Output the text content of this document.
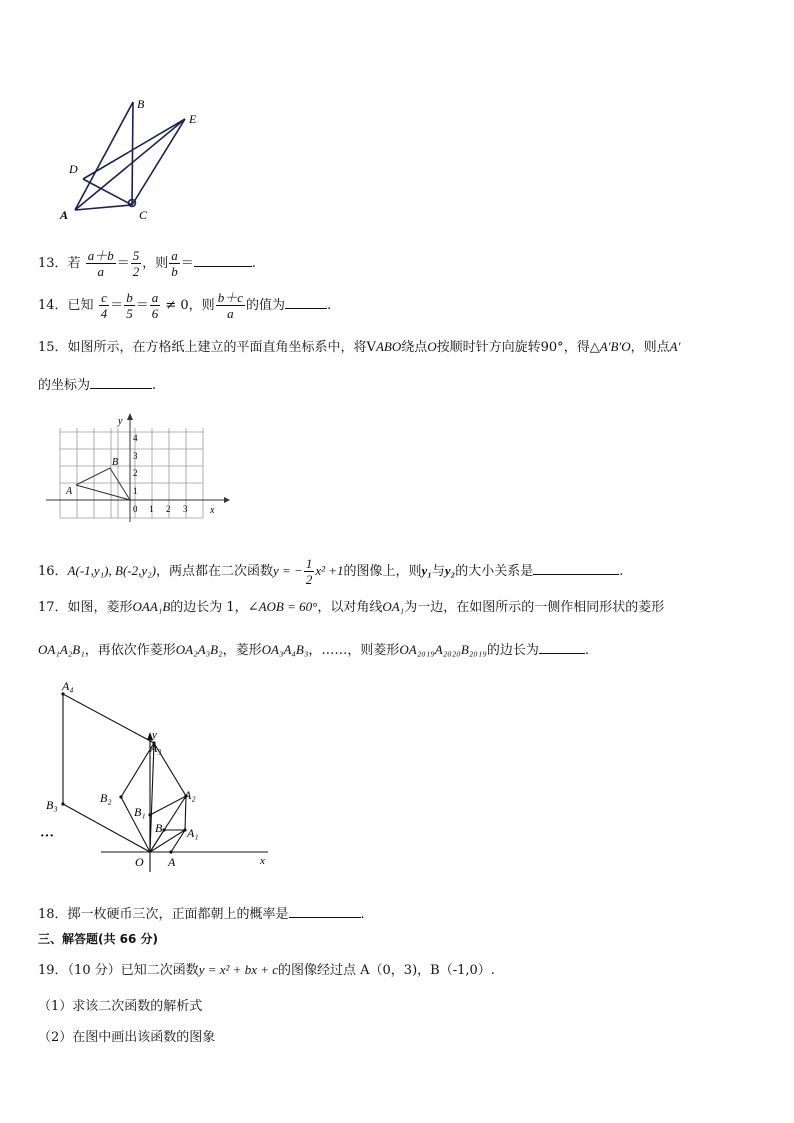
B
E
D
A	C
13．若 $\frac{a+b}{a} = \frac{5}{2}$ ，则 $\frac{a}{b}$ ＝	.
14．已知 $\frac{c}{4} = \frac{b}{5} = \frac{a}{6} \ne 0$，则 $\frac{b+c}{a}$ 的值为	.
15．如图所示，在方格纸上建立的平面直角坐标系中，将VABO绕点O按顺时针方向旋转90°，得△A′B′O，则点A′
的坐标为	.
y
x
0 1 2 3
1
2
3
4
A
B
16．A(-1,y₁), B(-2,y₂)，两点都在二次函数y = − $\frac{1}{2} x^2 +1$的图像上，则y₁与y₂的大小关系是	.
17．如图，菱形OAA₁B的边长为 1，∠AOB = 60°，以对角线OA₁为一边，在如图所示的一侧作相同形状的菱形
OA₁A₂B₁，再依次作菱形OA₂A₃B₂，菱形OA₃A₄B₃，……，则菱形OA₂₀₁₉A₂₀₂₀B₂₀₁₉的边长为	.
A₄
y
A₃
A₂
A₁
A
B₃	B₂
B₁
B
O	x
···
18．掷一枚硬币三次，正面都朝上的概率是	.
三、解答题(共 66 分)
19．（10 分）已知二次函数y = x² + bx + c的图像经过点 A（0，3)，B（-1,0）.
（1）求该二次函数的解析式
（2）在图中画出该函数的图象
